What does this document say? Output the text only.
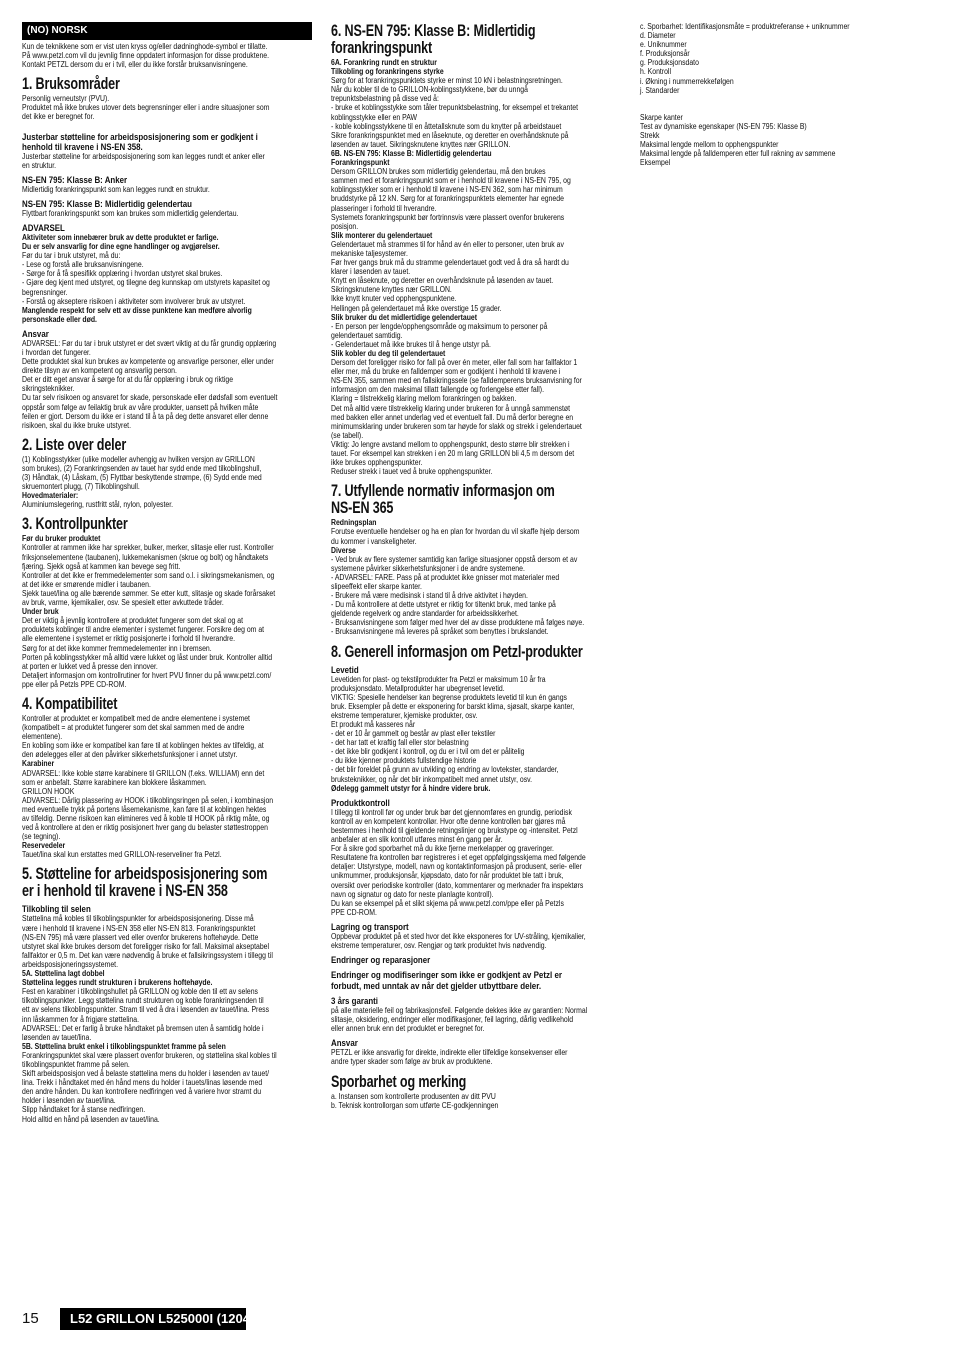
(NO) NORSK

Kun de teknikkene som er vist uten kryss og/eller dødninghode-symbol er tillatte.
På www.petzl.com vil du jevnlig finne oppdatert informasjon for disse produktene.
Kontakt PETZL dersom du er i tvil, eller du ikke forstår bruksanvisningene.

1. Bruksområder

Personlig verneutstyr (PVU).
Produktet må ikke brukes utover dets begrensninger eller i andre situasjoner som
det ikke er beregnet for.

Justerbar støtteline for arbeidsposisjonering som er godkjent i
henhold til kravene i NS-EN 358.

Justerbar støtteline for arbeidsposisjonering som kan legges rundt et anker eller
en struktur.

NS-EN 795: Klasse B: Anker

Midlertidig forankringspunkt som kan legges rundt en struktur.

NS-EN 795: Klasse B: Midlertidig gelendertau

Flyttbart forankringspunkt som kan brukes som midlertidig gelendertau.

ADVARSEL

Aktiviteter som innebærer bruk av dette produktet er farlige.
Du er selv ansvarlig for dine egne handlinger og avgjørelser.

Før du tar i bruk utstyret, må du:
- Lese og forstå alle bruksanvisningene.
- Sørge for å få spesifikk opplæring i hvordan utstyret skal brukes.
- Gjøre deg kjent med utstyret, og tilegne deg kunnskap om utstyrets kapasitet og
begrensninger.
- Forstå og akseptere risikoen i aktiviteter som involverer bruk av utstyret.

Manglende respekt for selv ett av disse punktene kan medføre alvorlig
personskade eller død.

Ansvar

ADVARSEL: Før du tar i bruk utstyret er det svært viktig at du får grundig opplæring
i hvordan det fungerer.
Dette produktet skal kun brukes av kompetente og ansvarlige personer, eller under
direkte tilsyn av en kompetent og ansvarlig person.
Det er ditt eget ansvar å sørge for at du får opplæring i bruk og riktige
sikringsteknikker.
Du tar selv risikoen og ansvaret for skade, personskade eller dødsfall som eventuelt
oppstår som følge av feilaktig bruk av våre produkter, uansett på hvilken måte
feilen er gjort. Dersom du ikke er i stand til å ta på deg dette ansvaret eller denne
risikoen, skal du ikke bruke utstyret.

2. Liste over deler

(1) Koblingsstykker (ulike modeller avhengig av hvilken versjon av GRILLON
som brukes), (2) Forankringsenden av tauet har sydd ende med tilkoblingshull,
(3) Håndtak, (4) Låskam, (5) Flyttbar beskyttende strømpe, (6) Sydd ende med
skruemontert plugg, (7) Tilkoblingshull.

Hovedmaterialer:

Aluminiumslegering, rustfritt stål, nylon, polyester.

3. Kontrollpunkter

Før du bruker produktet

Kontroller at rammen ikke har sprekker, bulker, merker, slitasje eller rust. Kontroller
friksjonselementene (taubanen), lukkemekanismen (skrue og bolt) og håndtakets
fjæring. Sjekk også at kammen kan bevege seg fritt.
Kontroller at det ikke er fremmedelementer som sand o.l. i sikringsmekanismen, og
at det ikke er smørende midler i taubanen.
Sjekk tauet/lina og alle bærende sømmer. Se etter kutt, slitasje og skade forårsaket
av bruk, varme, kjemikalier, osv. Se spesielt etter avkuttede tråder.

Under bruk

Det er viktig å jevnlig kontrollere at produktet fungerer som det skal og at
produktets koblinger til andre elementer i systemet fungerer. Forsikre deg om at
alle elementene i systemet er riktig posisjonerte i forhold til hverandre.
Sørg for at det ikke kommer fremmedelementer inn i bremsen.
Porten på koblingsstykker må alltid være lukket og låst under bruk. Kontroller alltid
at porten er lukket ved å presse den innover.
Detaljert informasjon om kontrollrutiner for hvert PVU finner du på www.petzl.com/
ppe eller på Petzls PPE CD-ROM.

4. Kompatibilitet

Kontroller at produktet er kompatibelt med de andre elementene i systemet
(kompatibelt = at produktet fungerer som det skal sammen med de andre
elementene).
En kobling som ikke er kompatibel kan føre til at koblingen hektes av tilfeldig, at
den ødelegges eller at den påvirker sikkerhetsfunksjoner i annet utstyr.

Karabiner

ADVARSEL: Ikke koble større karabinere til GRILLON (f.eks. WILLIAM) enn det
som er anbefalt. Større karabinere kan blokkere låskammen.
GRILLON HOOK
ADVARSEL: Dårlig plassering av HOOK i tilkoblingsringen på selen, i kombinasjon
med eventuelle trykk på portens låsemekanisme, kan føre til at koblingen hektes
av tilfeldig. Denne risikoen kan elimineres ved å koble til HOOK på riktig måte, og
ved å kontrollere at den er riktig posisjonert hver gang du belaster støttestroppen
(se tegning).

Reservedeler

Tauet/lina skal kun erstattes med GRILLON-reserveliner fra Petzl.

5. Støtteline for arbeidsposisjonering som
er i henhold til kravene i NS-EN 358

Tilkobling til selen

Støttelina må kobles til tilkoblingspunkter for arbeidsposisjonering. Disse må
være i henhold til kravene i NS-EN 358 eller NS-EN 813. Forankringspunktet
(NS-EN 795) må være plassert ved eller ovenfor brukerens hoftehøyde. Dette
utstyret skal ikke brukes dersom det foreligger risiko for fall. Maksimal akseptabel
fallfaktor er 0,5 m. Det kan være nødvendig å bruke et fallsikringssystem i tillegg til
arbeidsposisjoneringssystemet.

5A. Støttelina lagt dobbel
Støttelina legges rundt strukturen i brukerens hoftehøyde.

Fest en karabiner i tilkoblingshullet på GRILLON og koble den til ett av selens
tilkoblingspunkter. Legg støttelina rundt strukturen og koble forankringsenden til
ett av selens tilkoblingspunkter. Stram til ved å dra i løsenden av tauet/lina. Press
inn låskammen for å frigjøre støttelina.
ADVARSEL: Det er farlig å bruke håndtaket på bremsen uten å samtidig holde i
løsenden av tauet/lina.

5B. Støttelina brukt enkel i tilkoblingspunktet framme på selen

Forankringspunktet skal være plassert ovenfor brukeren, og støttelina skal kobles til
tilkoblingspunktet framme på selen.
Skift arbeidsposisjon ved å belaste støttelina mens du holder i løsenden av tauet/
lina. Trekk i håndtaket med én hånd mens du holder i tauets/linas løsende med
den andre hånden. Du kan kontrollere nedfiringen ved å variere hvor stramt du
holder i løsenden av tauet/lina.
Slipp håndtaket for å stanse nedfiringen.
Hold alltid en hånd på løsenden av tauet/lina.

6. NS-EN 795: Klasse B: Midlertidig
forankringspunkt

6A. Forankring rundt en struktur
Tilkobling og forankringens styrke

Sørg for at forankringspunktets styrke er minst 10 kN i belastningsretningen.
Når du kobler til de to GRILLON-koblingsstykkene, bør du unngå
trepunktsbelastning på disse ved å:
- bruke et koblingsstykke som tåler trepunktsbelastning, for eksempel et trekantet
koblingsstykke eller en PAW
- koble koblingsstykkene til en åttetallsknute som du knytter på arbeidstauet
Sikre forankringspunktet med en låseknute, og deretter en overhåndsknute på
løsenden av tauet. Sikringsknutene knyttes nær GRILLON.

6B. NS-EN 795: Klasse B: Midlertidig gelendertau
Forankringspunkt

Dersom GRILLON brukes som midlertidig gelendertau, må den brukes
sammen med et forankringspunkt som er i henhold til kravene i NS-EN 795, og
koblingsstykker som er i henhold til kravene i NS-EN 362, som har minimum
bruddstyrke på 12 kN. Sørg for at forankringspunktets elementer har egnede
plasseringer i forhold til hverandre.
Systemets forankringspunkt bør fortrinnsvis være plassert ovenfor brukerens
posisjon.

Slik monterer du gelendertauet

Gelendertauet må strammes til for hånd av én eller to personer, uten bruk av
mekaniske taljesystemer.
Før hver gangs bruk må du stramme gelendertauet godt ved å dra så hardt du
klarer i løsenden av tauet.
Knytt en låseknute, og deretter en overhåndsknute på løsenden av tauet.
Sikringsknutene knyttes nær GRILLON.
Ikke knytt knuter ved opphengspunktene.
Hellingen på gelendertauet må ikke overstige 15 grader.

Slik bruker du det midlertidige gelendertauet

- En person per lengde/opphengsområde og maksimum to personer på
gelendertauet samtidig.
- Gelendertauet må ikke brukes til å henge utstyr på.

Slik kobler du deg til gelendertauet

Dersom det foreligger risiko for fall på over én meter, eller fall som har fallfaktor 1
eller mer, må du bruke en falldemper som er godkjent i henhold til kravene i
NS-EN 355, sammen med en fallsikringssele (se falldemperens bruksanvisning for
informasjon om den maksimal tillatt fallengde og forlengelse etter fall).
Klaring = tilstrekkelig klaring mellom forankringen og bakken.
Det må alltid være tilstrekkelig klaring under brukeren for å unngå sammenstøt
med bakken eller annet underlag ved et eventuelt fall. Du må derfor beregne en
minimumsklaring under brukeren som tar høyde for slakk og strekk i gelendertauet
(se tabell).
Viktig: Jo lengre avstand mellom to opphengspunkt, desto større blir strekken i
tauet. For eksempel kan strekken i en 20 m lang GRILLON bli 4,5 m dersom det
ikke brukes opphengspunkter.
Reduser strekk i tauet ved å bruke opphengspunkter.

7. Utfyllende normativ informasjon om
NS-EN 365

Redningsplan

Forutse eventuelle hendelser og ha en plan for hvordan du vil skaffe hjelp dersom
du kommer i vanskeligheter.

Diverse

- Ved bruk av flere systemer samtidig kan farlige situasjoner oppstå dersom et av
systemene påvirker sikkerhetsfunksjoner i de andre systemene.
- ADVARSEL: FARE. Pass på at produktet ikke gnisser mot materialer med
slipeeffekt eller skarpe kanter.
- Brukere må være medisinsk i stand til å drive aktivitet i høyden.
- Du må kontrollere at dette utstyret er riktig for tiltenkt bruk, med tanke på
gjeldende regelverk og andre standarder for arbeidssikkerhet.
- Bruksanvisningene som følger med hver del av disse produktene må følges nøye.
- Bruksanvisningene må leveres på språket som benyttes i brukslandet.

8. Generell informasjon om Petzl-produkter

Levetid

Levetiden for plast- og tekstilprodukter fra Petzl er maksimum 10 år fra
produksjonsdato. Metallprodukter har ubegrenset levetid.
VIKTIG: Spesielle hendelser kan begrense produktets levetid til kun én gangs
bruk. Eksempler på dette er eksponering for barskt klima, sjøsalt, skarpe kanter,
ekstreme temperaturer, kjemiske produkter, osv.
Et produkt må kasseres når
- det er 10 år gammelt og består av plast eller tekstiler
- det har tatt et kraftig fall eller stor belastning
- det ikke blir godkjent i kontroll, og du er i tvil om det er pålitelig
- du ikke kjenner produktets fullstendige historie
- det blir foreldet på grunn av utvikling og endring av lovtekster, standarder,
bruksteknikker, og når det blir inkompatibelt med annet utstyr, osv.

Ødelegg gammelt utstyr for å hindre videre bruk.

Produktkontroll

I tillegg til kontroll før og under bruk bør det gjennomføres en grundig, periodisk
kontroll av en kompetent kontrollør. Hvor ofte denne kontrollen bør gjøres må
bestemmes i henhold til gjeldende retningslinjer og brukstype og -intensitet. Petzl
anbefaler at en slik kontroll utføres minst én gang per år.
For å sikre god sporbarhet må du ikke fjerne merkelapper og graveringer.
Resultatene fra kontrollen bør registreres i et eget oppfølgingsskjema med følgende
detaljer: Utstyrstype, modell, navn og kontaktinformasjon på produsent, serie- eller
unikmummer, produksjonsår, kjøpsdato, dato for når produktet ble tatt i bruk,
oversikt over periodiske kontroller (dato, kommentarer og merknader fra inspektørs
navn og signatur og dato for neste planlagte kontroll).
Du kan se eksempel på et slikt skjema på www.petzl.com/ppe eller på Petzls
PPE CD-ROM.

Lagring og transport

Oppbevar produktet på et sted hvor det ikke eksponeres for UV-stråling, kjemikalier,
ekstreme temperaturer, osv. Rengjør og tørk produktet hvis nødvendig.

Endringer og reparasjoner

Endringer og modifiseringer som ikke er godkjent av Petzl er
forbudt, med unntak av når det gjelder utbyttbare deler.

3 års garanti

på alle materielle feil og fabrikasjonsfeil. Følgende dekkes ikke av garantien: Normal
slitasje, oksidering, endringer eller modifikasjoner, feil lagring, dårlig vedlikehold
eller annen bruk enn det produktet er beregnet for.

Ansvar

PETZL er ikke ansvarlig for direkte, indirekte eller tilfeldige konsekvenser eller
andre typer skader som følge av bruk av produktene.

Sporbarhet og merking

a. Instansen som kontrollerte produsenten av ditt PVU
b. Teknisk kontrollorgan som utførte CE-godkjenningen

c. Sporbarhet: Identifikasjonsmåte = produktreferanse + uniknummer
d. Diameter
e. Uniknummer
f. Produksjonsår
g. Produksjonsdato
h. Kontroll
i. Økning i nummerrekkefølgen
j. Standarder

Skarpe kanter
Test av dynamiske egenskaper (NS-EN 795: Klasse B)
Strekk
Maksimal lengde mellom to opphengspunkter
Maksimal lengde på falldemperen etter full rakning av sømmene
Eksempel

15	L52 GRILLON L525000I (120410)
